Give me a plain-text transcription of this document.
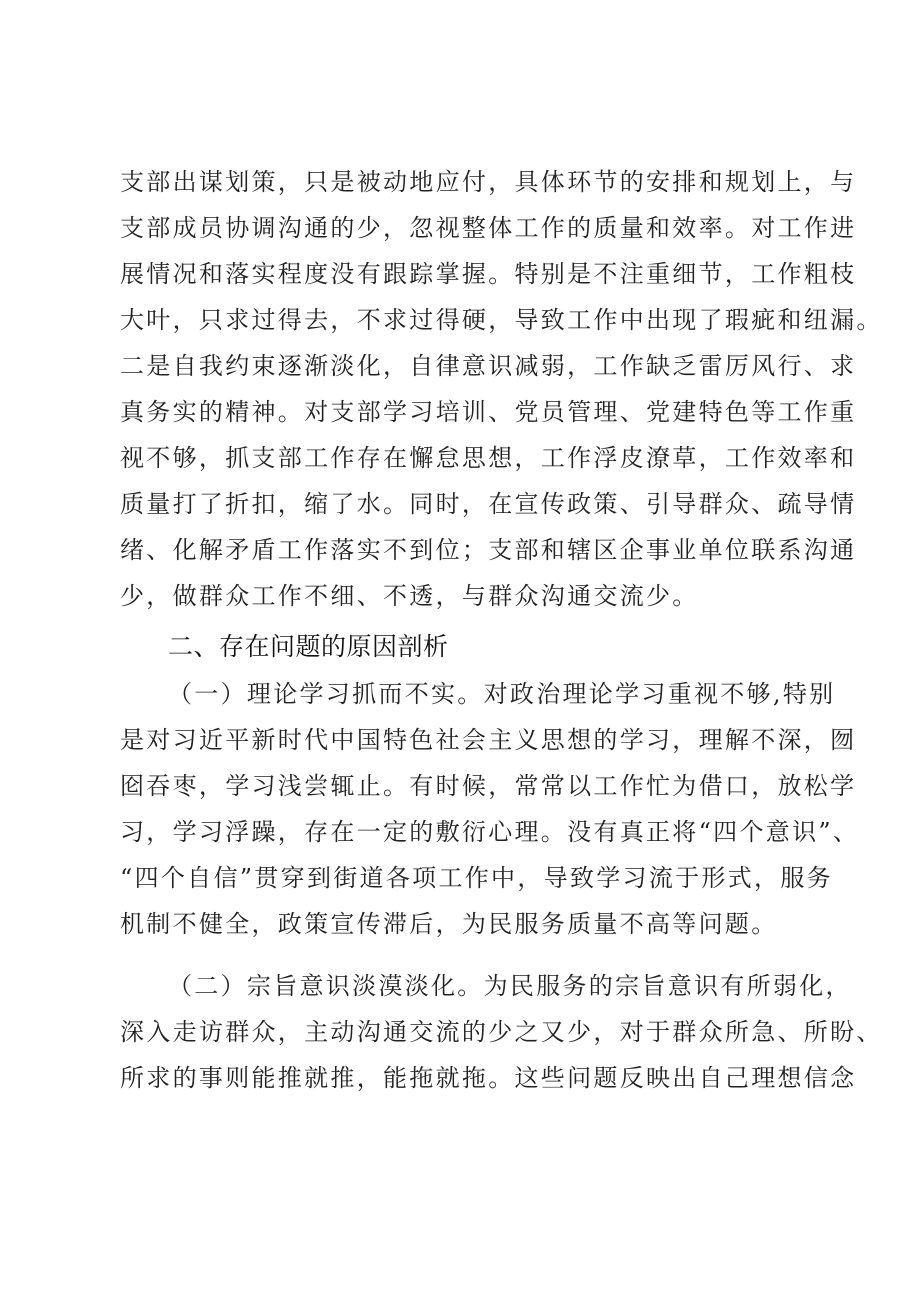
支部出谋划策，只是被动地应付，具体环节的安排和规划上，与
支部成员协调沟通的少，忽视整体工作的质量和效率。对工作进
展情况和落实程度没有跟踪掌握。特别是不注重细节，工作粗枝
大叶，只求过得去，不求过得硬，导致工作中出现了瑕疵和纽漏。
二是自我约束逐渐淡化，自律意识减弱，工作缺乏雷厉风行、求
真务实的精神。对支部学习培训、党员管理、党建特色等工作重
视不够，抓支部工作存在懈怠思想，工作浮皮潦草，工作效率和
质量打了折扣，缩了水。同时，在宣传政策、引导群众、疏导情
绪、化解矛盾工作落实不到位；支部和辖区企事业单位联系沟通
少，做群众工作不细、不透，与群众沟通交流少。
二、存在问题的原因剖析
（一）理论学习抓而不实。对政治理论学习重视不够,特别
是对习近平新时代中国特色社会主义思想的学习，理解不深，囫
囵吞枣，学习浅尝辄止。有时候，常常以工作忙为借口，放松学
习，学习浮躁，存在一定的敷衍心理。没有真正将“四个意识”、
“四个自信”贯穿到街道各项工作中，导致学习流于形式，服务
机制不健全，政策宣传滞后，为民服务质量不高等问题。
（二）宗旨意识淡漠淡化。为民服务的宗旨意识有所弱化，
深入走访群众，主动沟通交流的少之又少，对于群众所急、所盼、
所求的事则能推就推，能拖就拖。这些问题反映出自己理想信念
